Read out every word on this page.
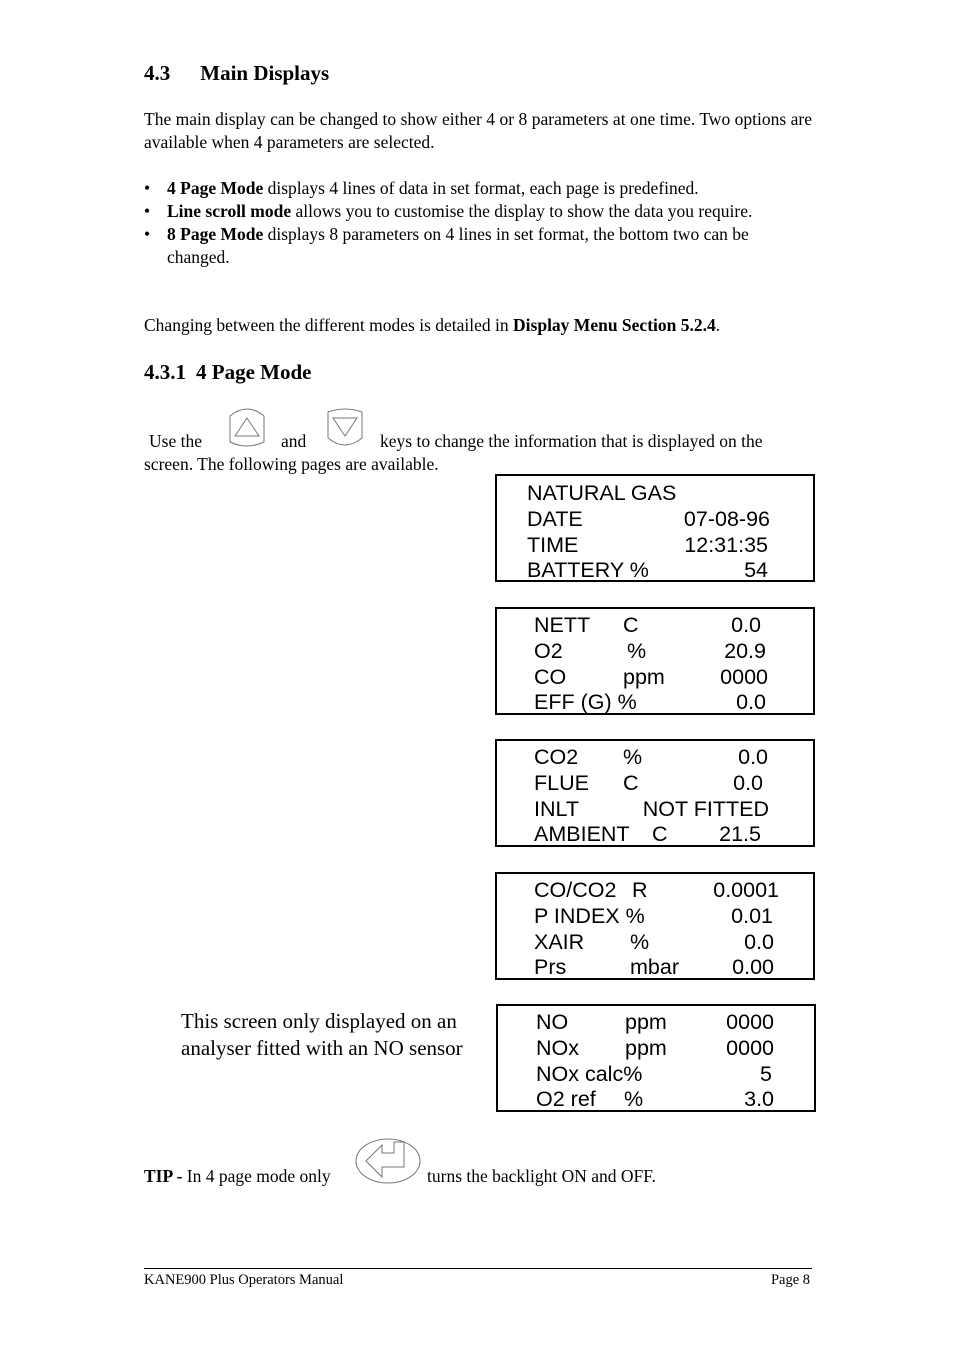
4.3 Main Displays
The main display can be changed to show either 4 or 8 parameters at one time. Two options are available when 4 parameters are selected.
• 4 Page Mode displays 4 lines of data in set format, each page is predefined.
• Line scroll mode allows you to customise the display to show the data you require.
• 8 Page Mode displays 8 parameters on 4 lines in set format, the bottom two can be changed.
Changing between the different modes is detailed in Display Menu Section 5.2.4.
4.3.1 4 Page Mode
Use the	and	keys to change the information that is displayed on the
screen. The following pages are available.
NATURAL GAS
DATE	07-08-96
TIME	12:31:35
BATTERY %	54
NETT C	0.0
O2	%	20.9
CO	ppm	0000
EFF (G) %	0.0
CO2 %	0.0
FLUE C	0.0
INLT	NOT FITTED
AMBIENT C 21.5
CO/CO2 R	0.0001
P INDEX %	0.01
XAIR %	0.0
Prs	mbar 0.00
This screen only displayed on an
analyser fitted with an NO sensor
NO	ppm	0000
NOx ppm	0000
NOx calc%	5
O2 ref %	3.0
TIP - In 4 page mode only	turns the backlight ON and OFF.
KANE900 Plus Operators Manual	Page 8
